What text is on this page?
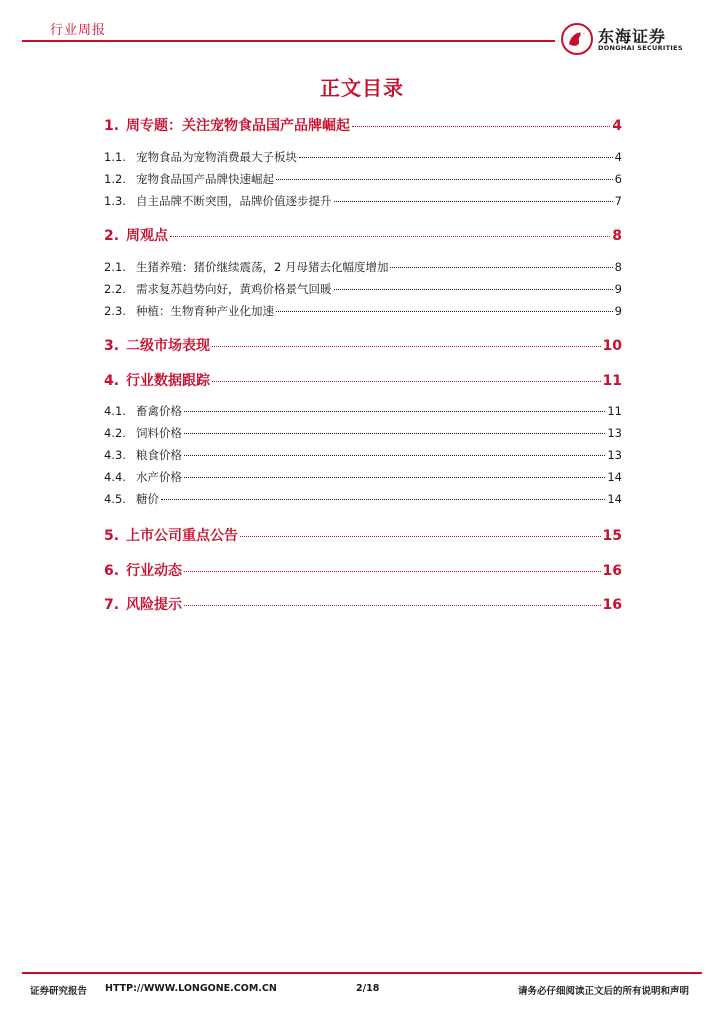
行业周报	东海证券
DONGHAI SECURITIES
正文目录
1. 周专题：关注宠物食品国产品牌崛起	4
1.1. 宠物食品为宠物消费最大子板块	4
1.2. 宠物食品国产品牌快速崛起	6
1.3. 自主品牌不断突围，品牌价值逐步提升	7
2. 周观点	8
2.1. 生猪养殖：猪价继续震荡，2 月母猪去化幅度增加	8
2.2. 需求复苏趋势向好，黄鸡价格景气回暖	9
2.3. 种植：生物育种产业化加速	9
3. 二级市场表现	10
4. 行业数据跟踪	11
4.1. 畜禽价格	11
4.2. 饲料价格	13
4.3. 粮食价格	13
4.4. 水产价格	14
4.5. 糖价	14
5. 上市公司重点公告	15
6. 行业动态	16
7. 风险提示	16
证券研究报告 HTTP://WWW.LONGONE.COM.CN	2/18	请务必仔细阅读正文后的所有说明和声明
